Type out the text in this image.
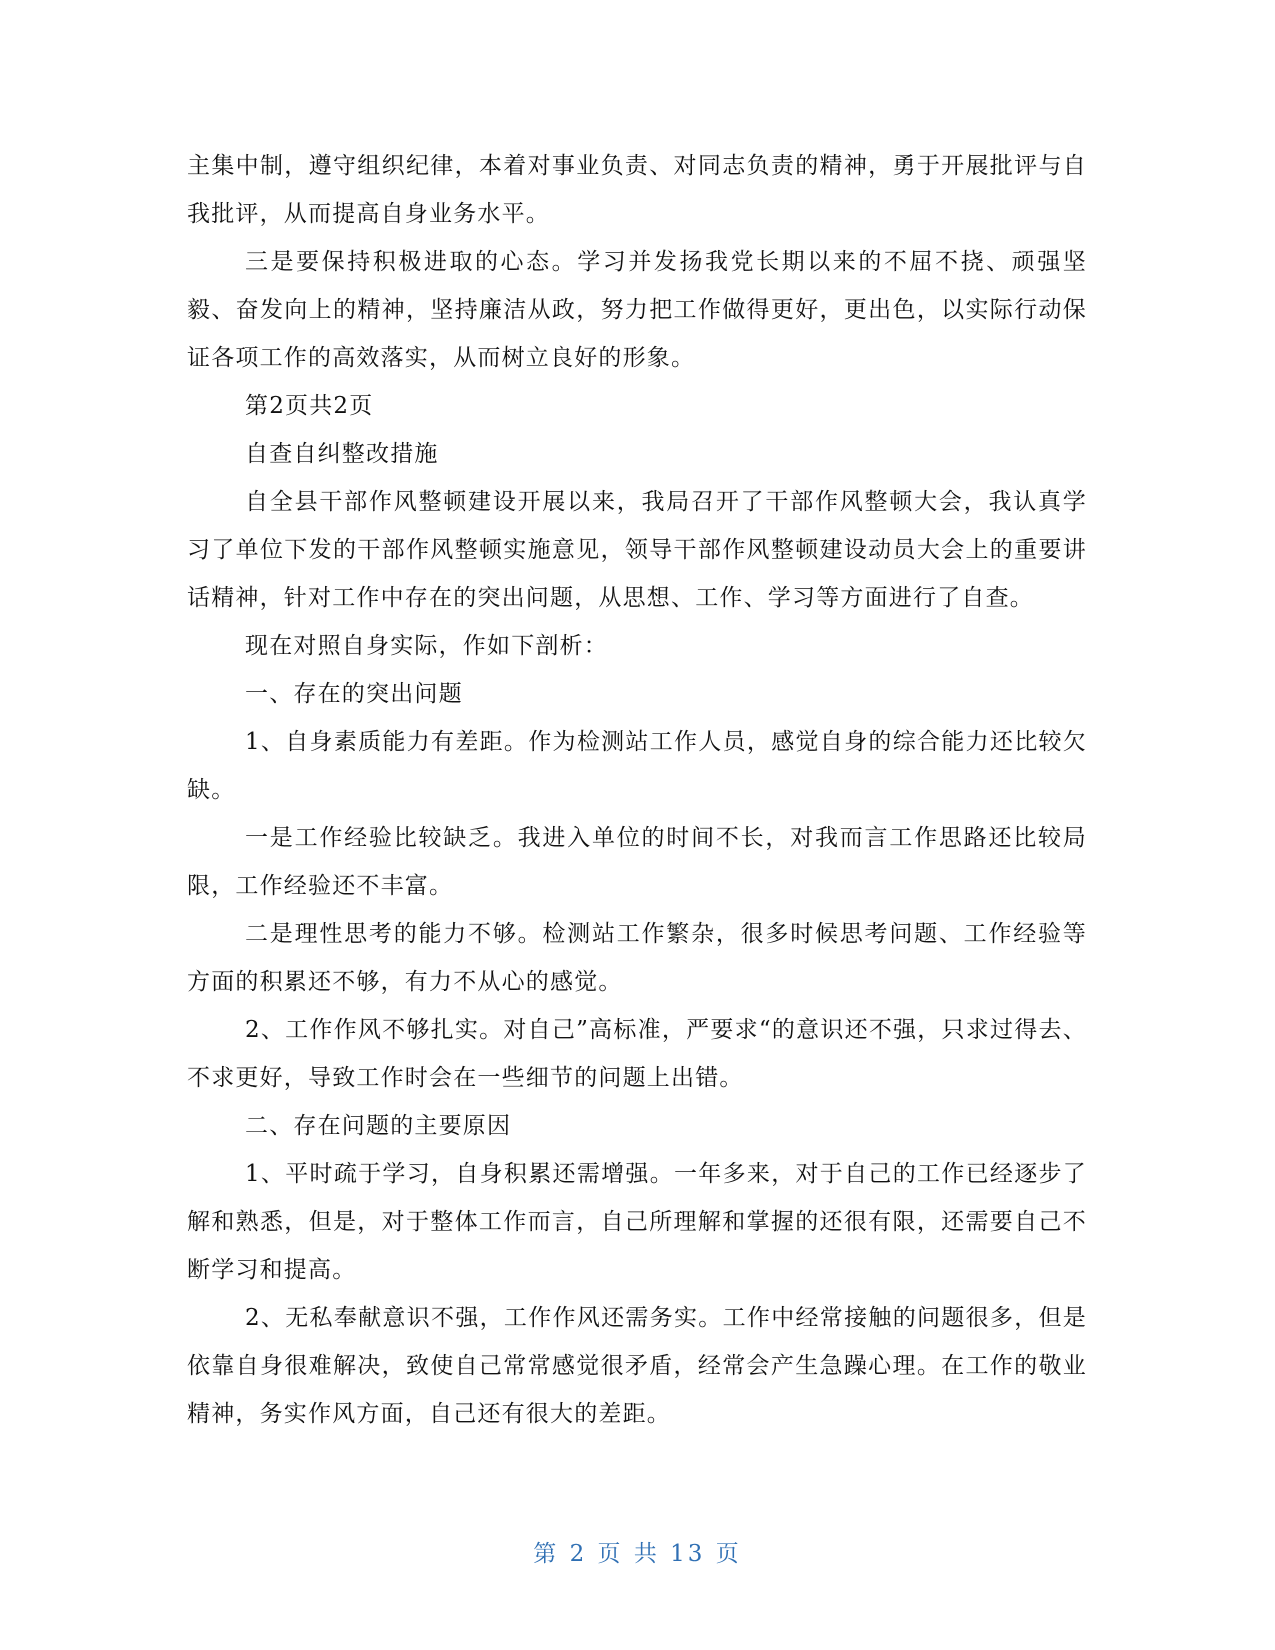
主集中制，遵守组织纪律，本着对事业负责、对同志负责的精神，勇于开展批评与自我批评，从而提高自身业务水平。

三是要保持积极进取的心态。学习并发扬我党长期以来的不屈不挠、顽强坚毅、奋发向上的精神，坚持廉洁从政，努力把工作做得更好，更出色，以实际行动保证各项工作的高效落实，从而树立良好的形象。

第2页共2页

自查自纠整改措施

自全县干部作风整顿建设开展以来，我局召开了干部作风整顿大会，我认真学习了单位下发的干部作风整顿实施意见，领导干部作风整顿建设动员大会上的重要讲话精神，针对工作中存在的突出问题，从思想、工作、学习等方面进行了自查。

现在对照自身实际，作如下剖析：

一、存在的突出问题

1、自身素质能力有差距。作为检测站工作人员，感觉自身的综合能力还比较欠缺。

一是工作经验比较缺乏。我进入单位的时间不长，对我而言工作思路还比较局限，工作经验还不丰富。

二是理性思考的能力不够。检测站工作繁杂，很多时候思考问题、工作经验等方面的积累还不够，有力不从心的感觉。

2、工作作风不够扎实。对自己”高标准，严要求“的意识还不强，只求过得去、不求更好，导致工作时会在一些细节的问题上出错。

二、存在问题的主要原因

1、平时疏于学习，自身积累还需增强。一年多来，对于自己的工作已经逐步了解和熟悉，但是，对于整体工作而言，自己所理解和掌握的还很有限，还需要自己不断学习和提高。

2、无私奉献意识不强，工作作风还需务实。工作中经常接触的问题很多，但是依靠自身很难解决，致使自己常常感觉很矛盾，经常会产生急躁心理。在工作的敬业精神，务实作风方面，自己还有很大的差距。

第 2 页 共 13 页
